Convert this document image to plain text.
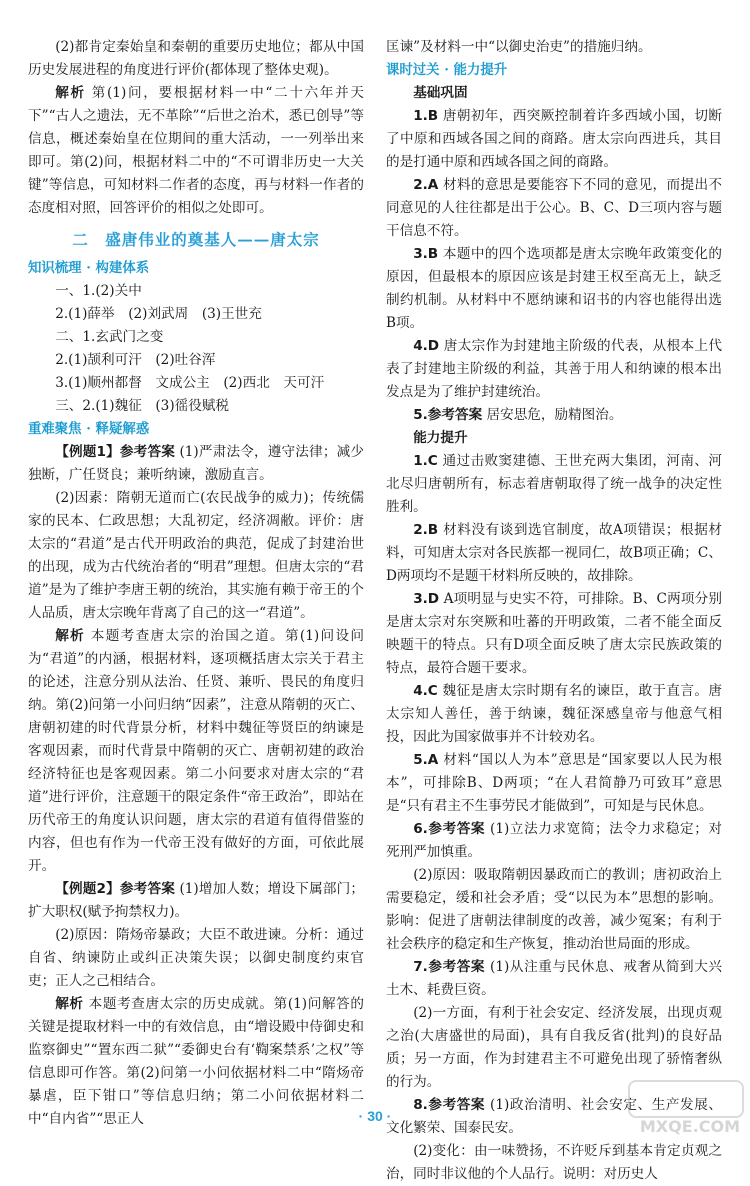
(2)都肯定秦始皇和秦朝的重要历史地位；都从中国历史发展进程的角度进行评价(都体现了整体史观)。

解析 第(1)问，要根据材料一中“二十六年并天下”“古人之遗法，无不革除”“后世之治术，悉已创导”等信息，概述秦始皇在位期间的重大活动，一一列举出来即可。第(2)问，根据材料二中的“不可谓非历史一大关键”等信息，可知材料二作者的态度，再与材料一作者的态度相对照，回答评价的相似之处即可。

二　盛唐伟业的奠基人——唐太宗

知识梳理 · 构建体系

一、1.(2)关中

2.(1)薛举　(2)刘武周　(3)王世充

二、1.玄武门之变

2.(1)颉利可汗　(2)吐谷浑

3.(1)顺州都督　文成公主　(2)西北　天可汗

三、2.(1)魏征　(3)徭役赋税

重难聚焦 · 释疑解惑

【例题1】参考答案 (1)严肃法令，遵守法律；减少独断，广任贤良；兼听纳谏，激励直言。

(2)因素：隋朝无道而亡(农民战争的威力)；传统儒家的民本、仁政思想；大乱初定，经济凋敝。评价：唐太宗的“君道”是古代开明政治的典范，促成了封建治世的出现，成为古代统治者的“明君”理想。但唐太宗的“君道”是为了维护李唐王朝的统治，其实施有赖于帝王的个人品质，唐太宗晚年背离了自己的这一“君道”。

解析 本题考查唐太宗的治国之道。第(1)问设问为“君道”的内涵，根据材料，逐项概括唐太宗关于君主的论述，注意分别从法治、任贤、兼听、畏民的角度归纳。第(2)问第一小问归纳“因素”，注意从隋朝的灭亡、唐朝初建的时代背景分析，材料中魏征等贤臣的纳谏是客观因素，而时代背景中隋朝的灭亡、唐朝初建的政治经济特征也是客观因素。第二小问要求对唐太宗的“君道”进行评价，注意题干的限定条件“帝王政治”，即站在历代帝王的角度认识问题，唐太宗的君道有值得借鉴的内容，但也有作为一代帝王没有做好的方面，可依此展开。

【例题2】参考答案 (1)增加人数；增设下属部门；扩大职权(赋予拘禁权力)。

(2)原因：隋炀帝暴政；大臣不敢进谏。分析：通过自省、纳谏防止或纠正决策失误；以御史制度约束官吏；正人之己相结合。

解析 本题考查唐太宗的历史成就。第(1)问解答的关键是提取材料一中的有效信息，由“增设殿中侍御史和监察御史”“置东西二狱”“委御史台有‘鞫案禁系’之权”等信息即可作答。第(2)问第一小问依据材料二中“隋炀帝暴虐，臣下钳口”等信息归纳；第二小问依据材料二中“自内省”“思正人

匡谏”及材料一中“以御史治吏”的措施归纳。

课时过关 · 能力提升

基础巩固

1.B 唐朝初年，西突厥控制着许多西域小国，切断了中原和西域各国之间的商路。唐太宗向西进兵，其目的是打通中原和西域各国之间的商路。

2.A 材料的意思是要能容下不同的意见，而提出不同意见的人往往都是出于公心。B、C、D三项内容与题干信息不符。

3.B 本题中的四个选项都是唐太宗晚年政策变化的原因，但最根本的原因应该是封建王权至高无上，缺乏制约机制。从材料中不愿纳谏和诏书的内容也能得出选B项。

4.D 唐太宗作为封建地主阶级的代表，从根本上代表了封建地主阶级的利益，其善于用人和纳谏的根本出发点是为了维护封建统治。

5.参考答案 居安思危，励精图治。

能力提升

1.C 通过击败窦建德、王世充两大集团，河南、河北尽归唐朝所有，标志着唐朝取得了统一战争的决定性胜利。

2.B 材料没有谈到选官制度，故A项错误；根据材料，可知唐太宗对各民族都一视同仁，故B项正确；C、D两项均不是题干材料所反映的，故排除。

3.D A项明显与史实不符，可排除。B、C两项分别是唐太宗对东突厥和吐蕃的开明政策，二者不能全面反映题干的特点。只有D项全面反映了唐太宗民族政策的特点，最符合题干要求。

4.C 魏征是唐太宗时期有名的谏臣，敢于直言。唐太宗知人善任，善于纳谏，魏征深感皇帝与他意气相投，因此为国家做事并不计较劝名。

5.A 材料“国以人为本”意思是“国家要以人民为根本”，可排除B、D两项；“在人君简静乃可致耳”意思是“只有君主不生事劳民才能做到”，可知是与民休息。

6.参考答案 (1)立法力求宽简；法令力求稳定；对死刑严加慎重。

(2)原因：吸取隋朝因暴政而亡的教训；唐初政治上需要稳定，缓和社会矛盾；受“以民为本”思想的影响。影响：促进了唐朝法律制度的改善，减少冤案；有利于社会秩序的稳定和生产恢复，推动治世局面的形成。

7.参考答案 (1)从注重与民休息、戒奢从简到大兴土木、耗费巨资。

(2)一方面，有利于社会安定、经济发展，出现贞观之治(大唐盛世的局面)，具有自我反省(批判)的良好品质；另一方面，作为封建君主不可避免出现了骄惰奢纵的行为。

8.参考答案 (1)政治清明、社会安定、生产发展、文化繁荣、国泰民安。

(2)变化：由一味赞扬，不许贬斥到基本肯定贞观之治，同时非议他的个人品行。说明：对历史人

· 30 ·
MXQE.COM
